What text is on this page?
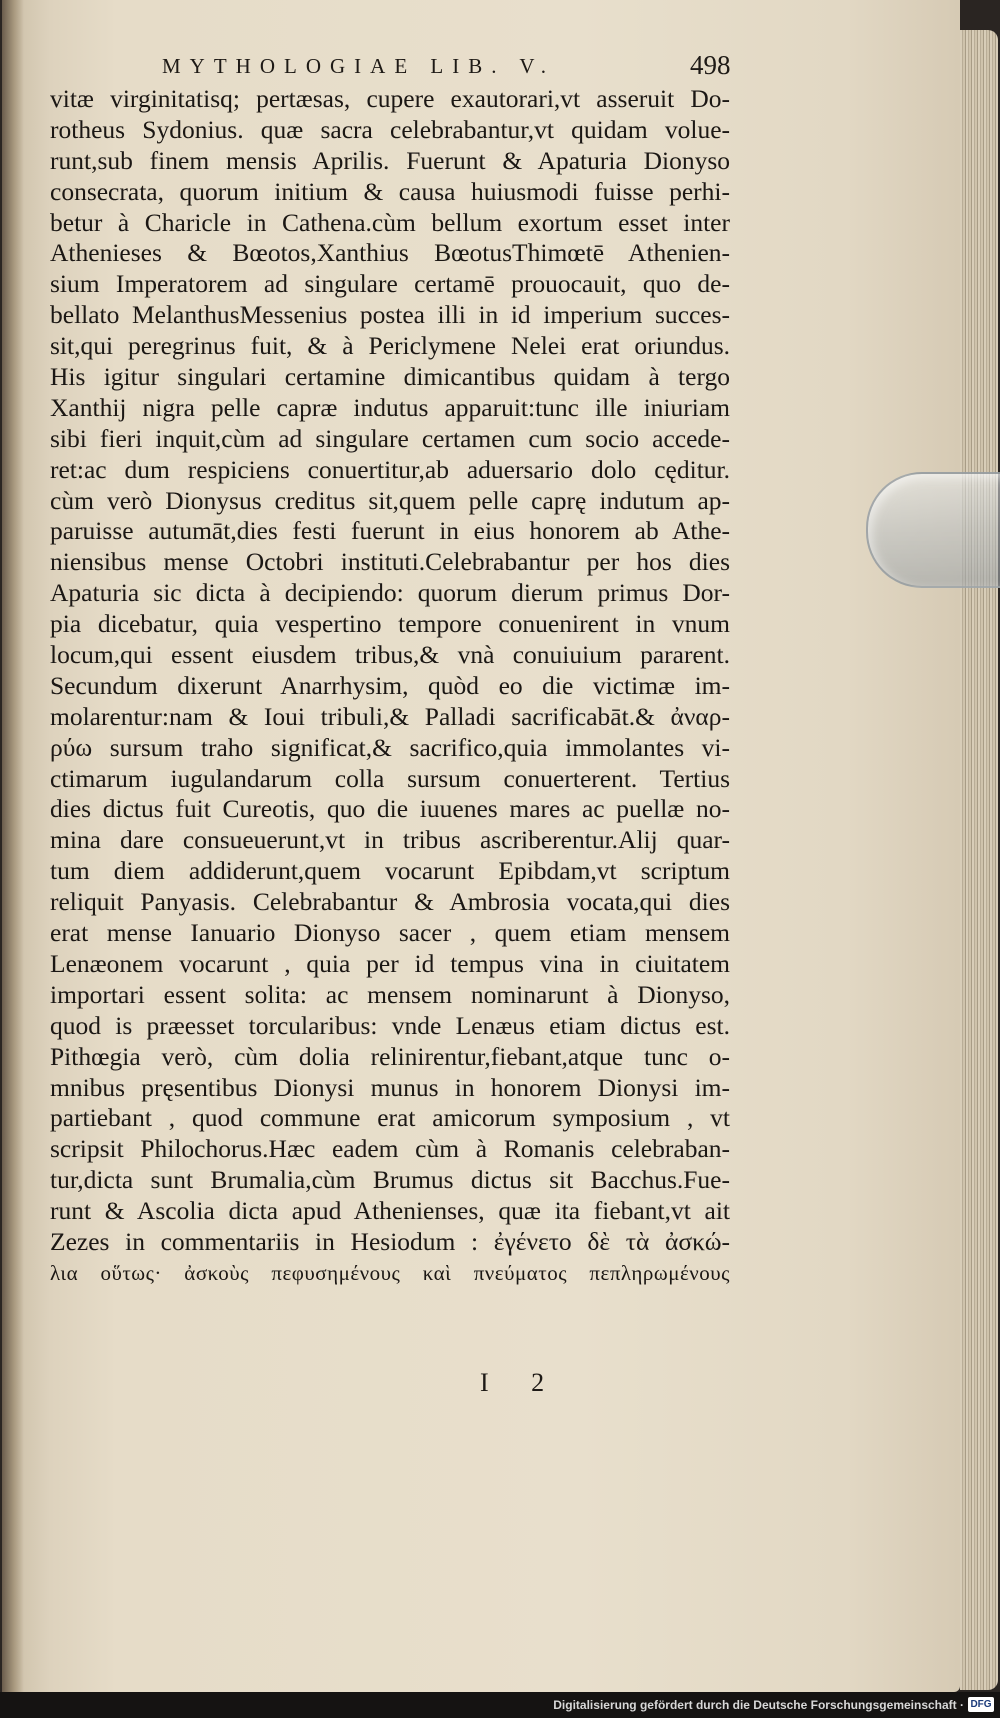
MYTHOLOGIAE LIB. V.	498
vitæ virginitatisq; pertæsas, cupere exautorari,vt asseruit Do-
rotheus Sydonius. quæ sacra celebrabantur,vt quidam volue-
runt,sub finem mensis Aprilis. Fuerunt & Apaturia Dionyso
consecrata, quorum initium & causa huiusmodi fuisse perhi-
betur à Charicle in Cathena.cùm bellum exortum esset inter
Athenieses & Bœotos,Xanthius BœotusThimœtē Athenien-
sium Imperatorem ad singulare certamē prouocauit, quo de-
bellato MelanthusMessenius postea illi in id imperium succes-
sit,qui peregrinus fuit, & à Periclymene Nelei erat oriundus.
His igitur singulari certamine dimicantibus quidam à tergo
Xanthij nigra pelle capræ indutus apparuit:tunc ille iniuriam
sibi fieri inquit,cùm ad singulare certamen cum socio accede-
ret:ac dum respiciens conuertitur,ab aduersario dolo cęditur.
cùm verò Dionysus creditus sit,quem pelle caprę indutum ap-
paruisse autumāt,dies festi fuerunt in eius honorem ab Athe-
niensibus mense Octobri instituti.Celebrabantur per hos dies
Apaturia sic dicta à decipiendo: quorum dierum primus Dor-
pia dicebatur, quia vespertino tempore conuenirent in vnum
locum,qui essent eiusdem tribus,& vnà conuiuium pararent.
Secundum dixerunt Anarrhysim, quòd eo die victimæ im-
molarentur:nam & Ioui tribuli,& Palladi sacrificabāt.& ἀναρ-
ρύω sursum traho significat,& sacrifico,quia immolantes vi-
ctimarum iugulandarum colla sursum conuerterent. Tertius
dies dictus fuit Cureotis, quo die iuuenes mares ac puellæ no-
mina dare consueuerunt,vt in tribus ascriberentur.Alij quar-
tum diem addiderunt,quem vocarunt Epibdam,vt scriptum
reliquit Panyasis. Celebrabantur & Ambrosia vocata,qui dies
erat mense Ianuario Dionyso sacer , quem etiam mensem
Lenæonem vocarunt , quia per id tempus vina in ciuitatem
importari essent solita: ac mensem nominarunt à Dionyso,
quod is præesset torcularibus: vnde Lenæus etiam dictus est.
Pithœgia verò, cùm dolia relinirentur,fiebant,atque tunc o-
mnibus pręsentibus Dionysi munus in honorem Dionysi im-
partiebant , quod commune erat amicorum symposium , vt
scripsit Philochorus.Hæc eadem cùm à Romanis celebraban-
tur,dicta sunt Brumalia,cùm Brumus dictus sit Bacchus.Fue-
runt & Ascolia dicta apud Athenienses, quæ ita fiebant,vt ait
Zezes in commentariis in Hesiodum : ἐγένετο δὲ τὰ ἀσκώ-
λια οὕτως· ἀσκοὺς πεφυσημένους καὶ πνεύματος πεπληρωμένους
I 2
Digitalisierung gefördert durch die Deutsche Forschungsgemeinschaft · DFG
